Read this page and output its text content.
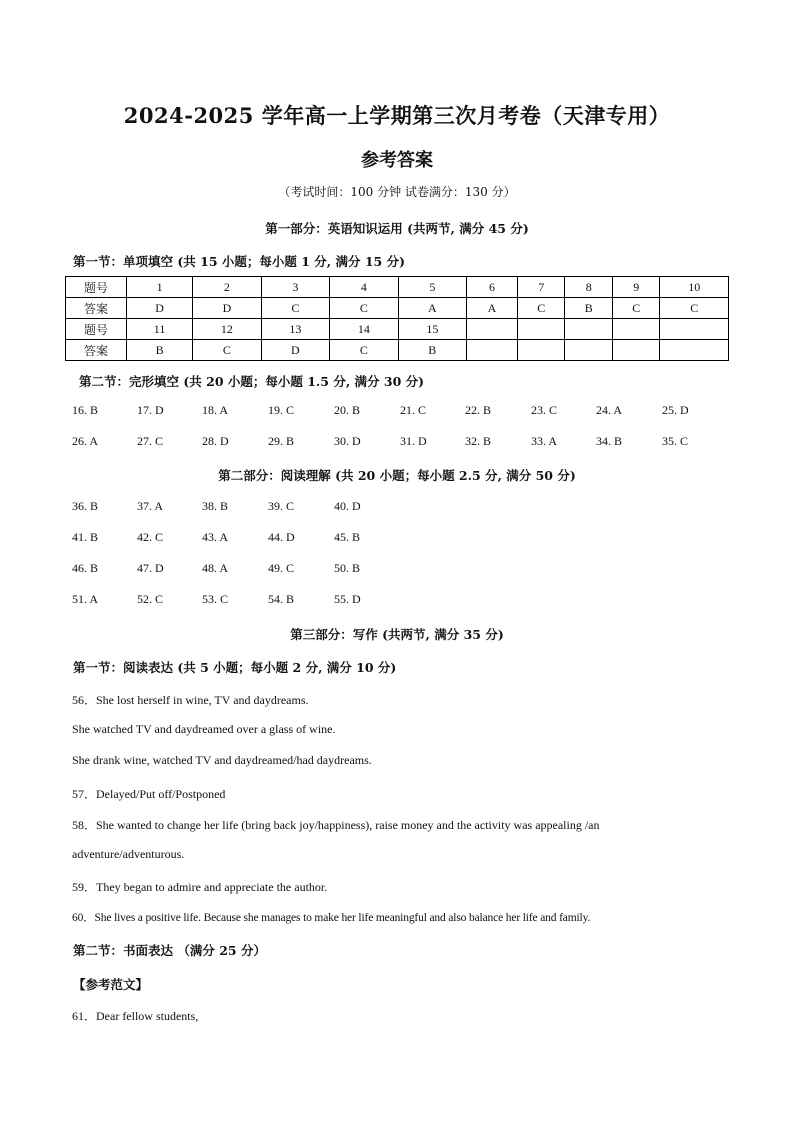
2024-2025 学年高一上学期第三次月考卷（天津专用）
参考答案
（考试时间：100 分钟 试卷满分：130 分）
第一部分：英语知识运用 (共两节, 满分 45 分)
第一节：单项填空 (共 15 小题；每小题 1 分, 满分 15 分)
题号	1	2	3	4	5	6	7	8	9	10
答案	D	D	C	C	A	A	C	B	C	C
题号	11	12	13	14	15					
答案	B	C	D	C	B					
第二节：完形填空 (共 20 小题；每小题 1.5 分, 满分 30 分)
16. B	17. D	18. A	19. C	20. B	21. C	22. B	23. C	24. A	25. D
26. A	27. C	28. D	29. B	30. D	31. D	32. B	33. A	34. B	35. C
第二部分：阅读理解 (共 20 小题；每小题 2.5 分, 满分 50 分)
36. B	37. A	38. B	39. C	40. D
41. B	42. C	43. A	44. D	45. B
46. B	47. D	48. A	49. C	50. B
51. A	52. C	53. C	54. B	55. D
第三部分：写作 (共两节, 满分 35 分)
第一节：阅读表达 (共 5 小题；每小题 2 分, 满分 10 分)
56．She lost herself in wine, TV and daydreams.
She watched TV and daydreamed over a glass of wine.
She drank wine, watched TV and daydreamed/had daydreams.
57．Delayed/Put off/Postponed
58．She wanted to change her life (bring back joy/happiness), raise money and the activity was appealing /an
adventure/adventurous.
59．They began to admire and appreciate the author.
60．She lives a positive life. Because she manages to make her life meaningful and also balance her life and family.
第二节：书面表达 （满分 25 分）
【参考范文】
61．Dear fellow students,
